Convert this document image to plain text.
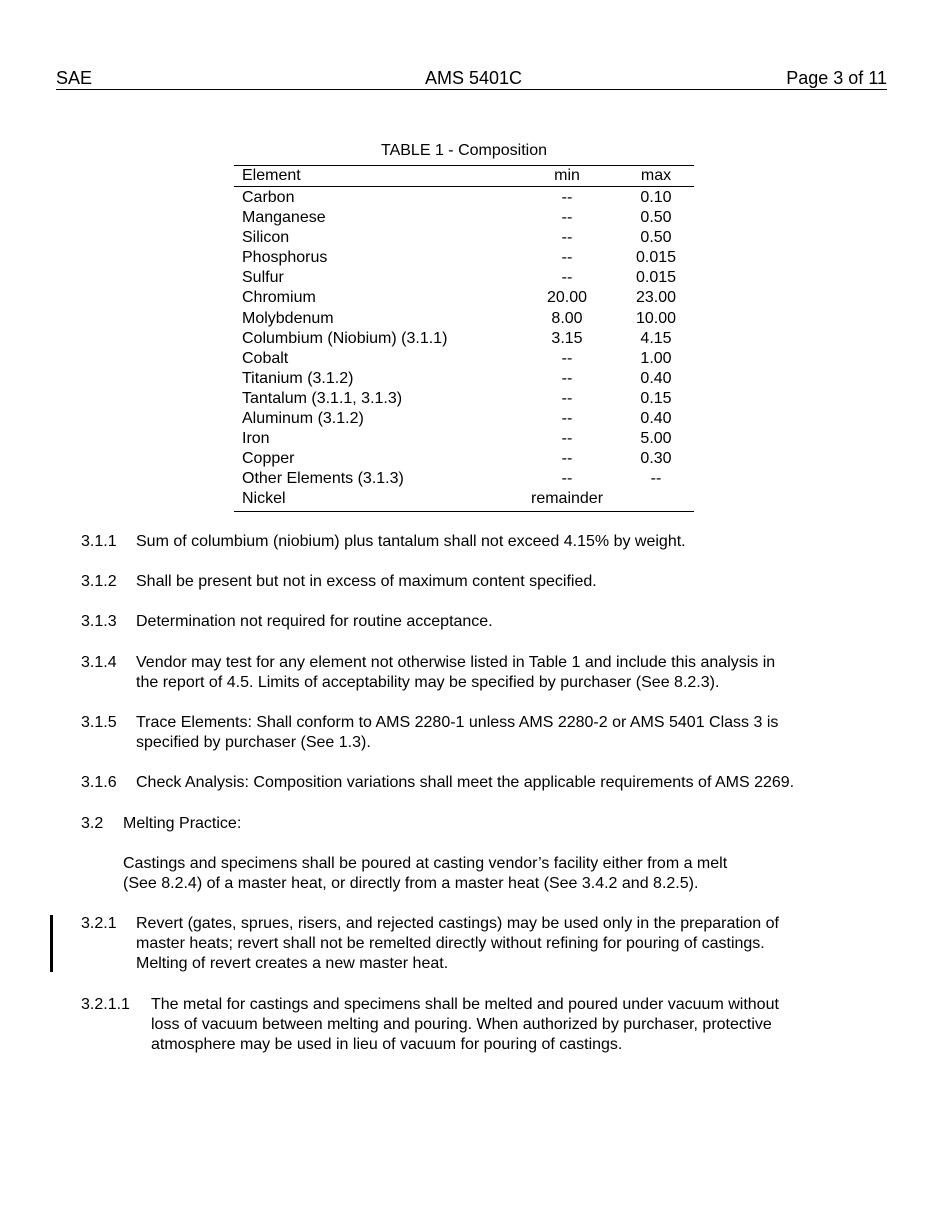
SAE	AMS 5401C	Page 3 of 11
TABLE 1 - Composition
Element	min	max
Carbon	--	0.10
Manganese	--	0.50
Silicon	--	0.50
Phosphorus	--	0.015
Sulfur	--	0.015
Chromium	20.00	23.00
Molybdenum	8.00	10.00
Columbium (Niobium) (3.1.1)	3.15	4.15
Cobalt	--	1.00
Titanium (3.1.2)	--	0.40
Tantalum (3.1.1, 3.1.3)	--	0.15
Aluminum (3.1.2)	--	0.40
Iron	--	5.00
Copper	--	0.30
Other Elements (3.1.3)	--	--
Nickel	remainder
3.1.1 Sum of columbium (niobium) plus tantalum shall not exceed 4.15% by weight.
3.1.2 Shall be present but not in excess of maximum content specified.
3.1.3 Determination not required for routine acceptance.
3.1.4 Vendor may test for any element not otherwise listed in Table 1 and include this analysis in
the report of 4.5. Limits of acceptability may be specified by purchaser (See 8.2.3).
3.1.5 Trace Elements: Shall conform to AMS 2280-1 unless AMS 2280-2 or AMS 5401 Class 3 is
specified by purchaser (See 1.3).
3.1.6 Check Analysis: Composition variations shall meet the applicable requirements of AMS 2269.
3.2 Melting Practice:
Castings and specimens shall be poured at casting vendor’s facility either from a melt
(See 8.2.4) of a master heat, or directly from a master heat (See 3.4.2 and 8.2.5).
3.2.1 Revert (gates, sprues, risers, and rejected castings) may be used only in the preparation of
master heats; revert shall not be remelted directly without refining for pouring of castings.
Melting of revert creates a new master heat.
3.2.1.1 The metal for castings and specimens shall be melted and poured under vacuum without
loss of vacuum between melting and pouring. When authorized by purchaser, protective
atmosphere may be used in lieu of vacuum for pouring of castings.
